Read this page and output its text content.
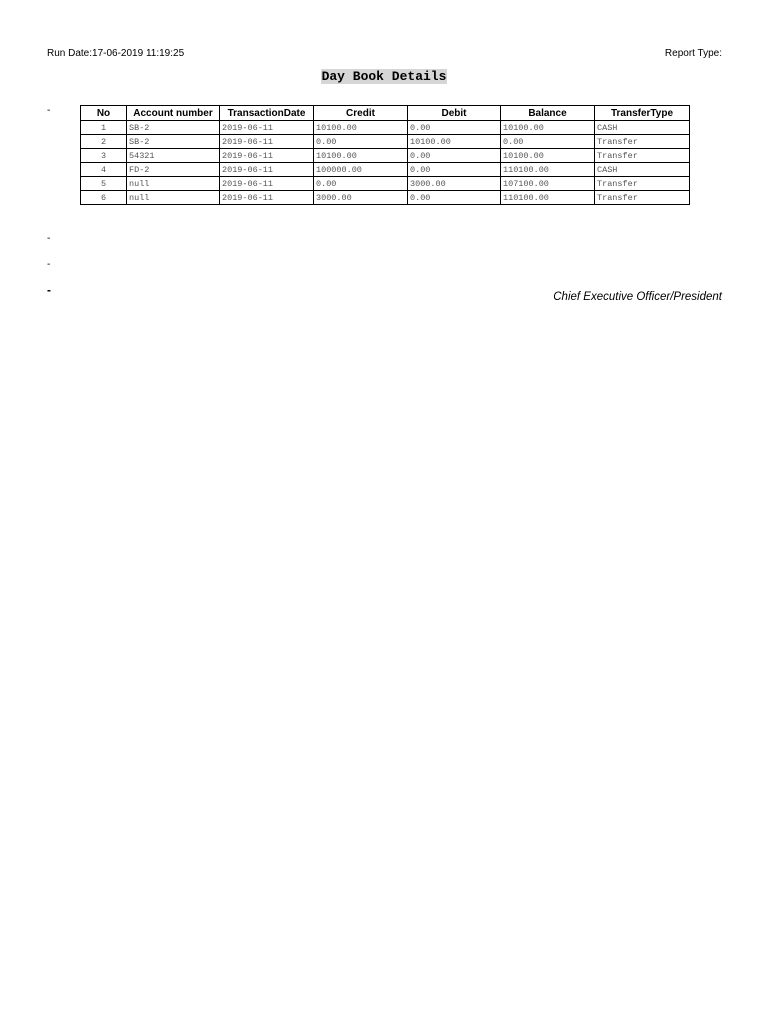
Run Date:17-06-2019 11:19:25	Report Type:
Day Book Details
-	No	Account number	TransactionDate	Credit	Debit	Balance	TransferType
1	SB-2	2019-06-11	10100.00	0.00	10100.00	CASH
2	SB-2	2019-06-11	0.00	10100.00	0.00	Transfer
3	54321	2019-06-11	10100.00	0.00	10100.00	Transfer
4	FD-2	2019-06-11	100000.00	0.00	110100.00	CASH
5	null	2019-06-11	0.00	3000.00	107100.00	Transfer
6	null	2019-06-11	3000.00	0.00	110100.00	Transfer
-
-
-	Chief Executive Officer/President
